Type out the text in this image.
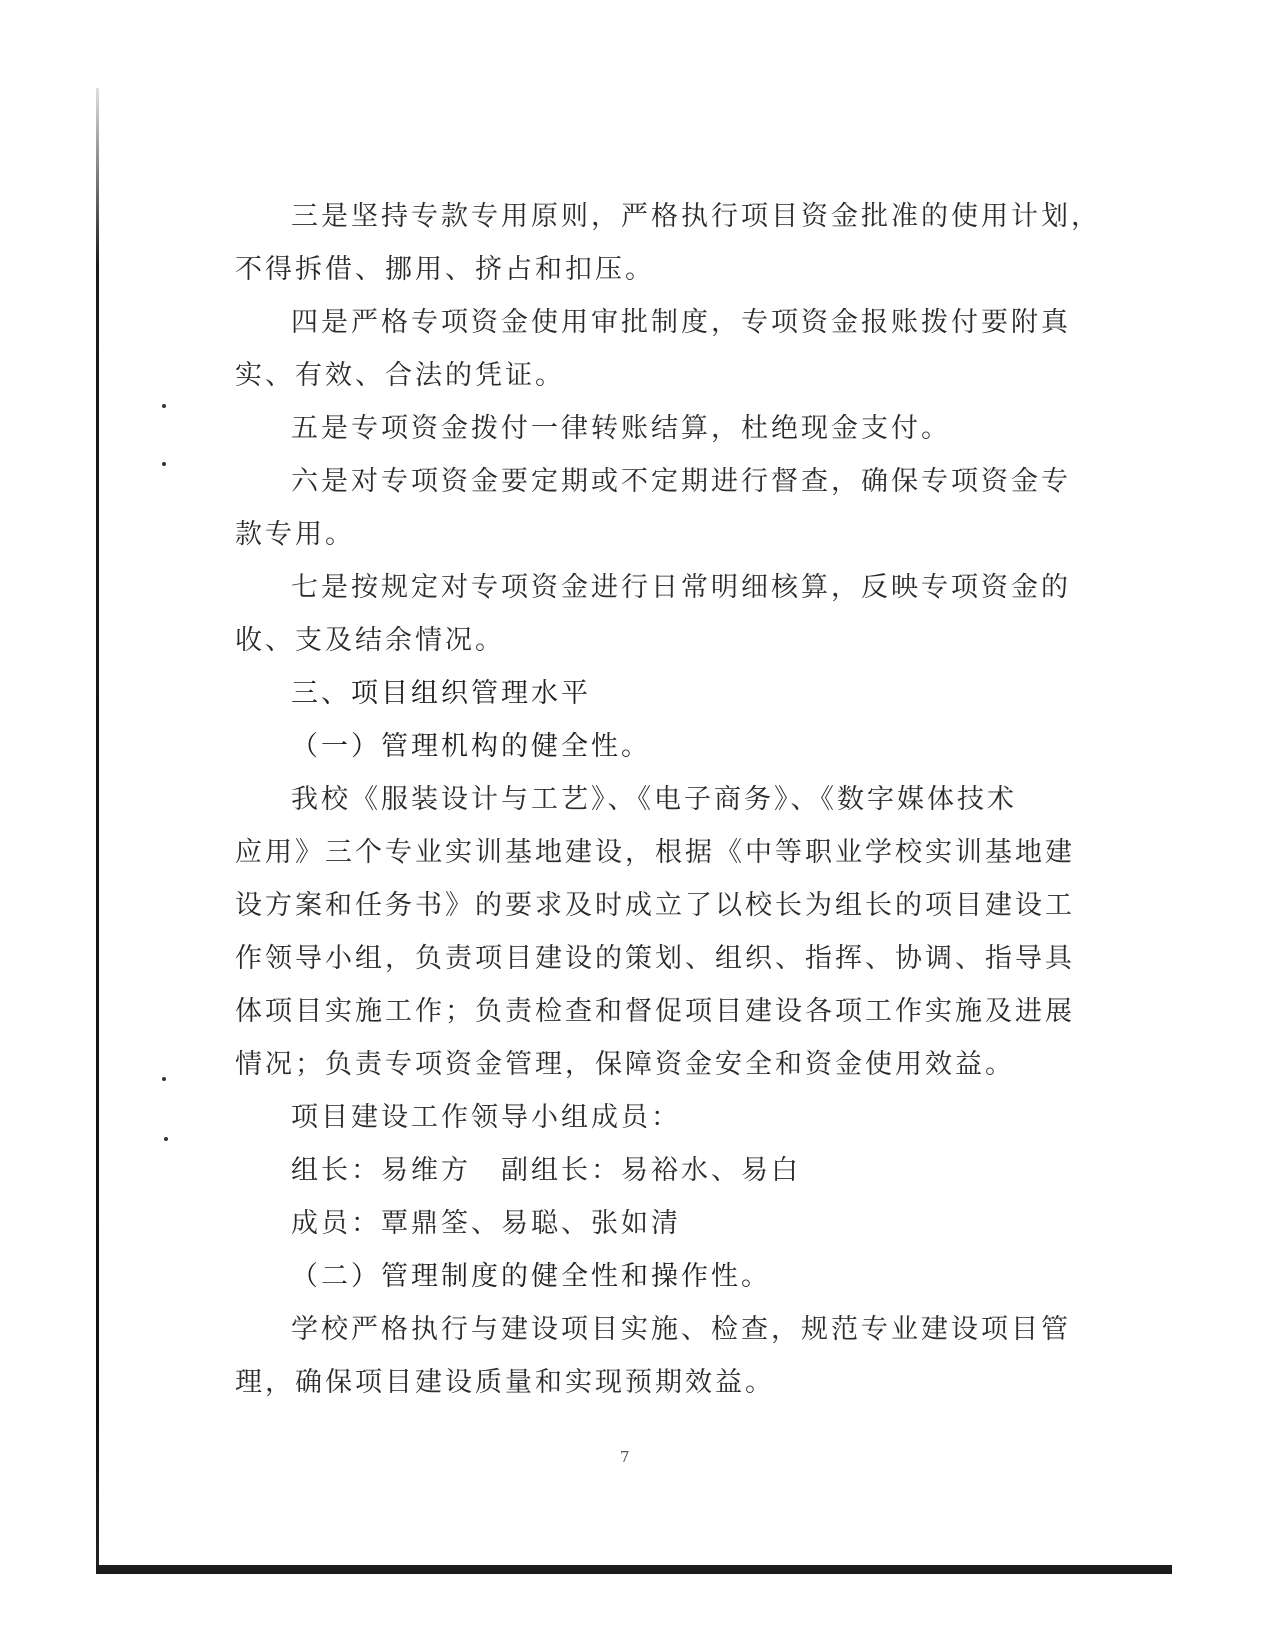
三是坚持专款专用原则，严格执行项目资金批准的使用计划，
不得拆借、挪用、挤占和扣压。
四是严格专项资金使用审批制度，专项资金报账拨付要附真
实、有效、合法的凭证。
五是专项资金拨付一律转账结算，杜绝现金支付。
六是对专项资金要定期或不定期进行督查，确保专项资金专
款专用。
七是按规定对专项资金进行日常明细核算，反映专项资金的
收、支及结余情况。
三、项目组织管理水平
（一）管理机构的健全性。
我校《服装设计与工艺》、《电子商务》、《数字媒体技术
应用》三个专业实训基地建设，根据《中等职业学校实训基地建
设方案和任务书》的要求及时成立了以校长为组长的项目建设工
作领导小组，负责项目建设的策划、组织、指挥、协调、指导具
体项目实施工作；负责检查和督促项目建设各项工作实施及进展
情况；负责专项资金管理，保障资金安全和资金使用效益。
项目建设工作领导小组成员：
组长：易维方　副组长：易裕水、易白
成员：覃鼎筌、易聪、张如清
（二）管理制度的健全性和操作性。
学校严格执行与建设项目实施、检查，规范专业建设项目管
理，确保项目建设质量和实现预期效益。
7
